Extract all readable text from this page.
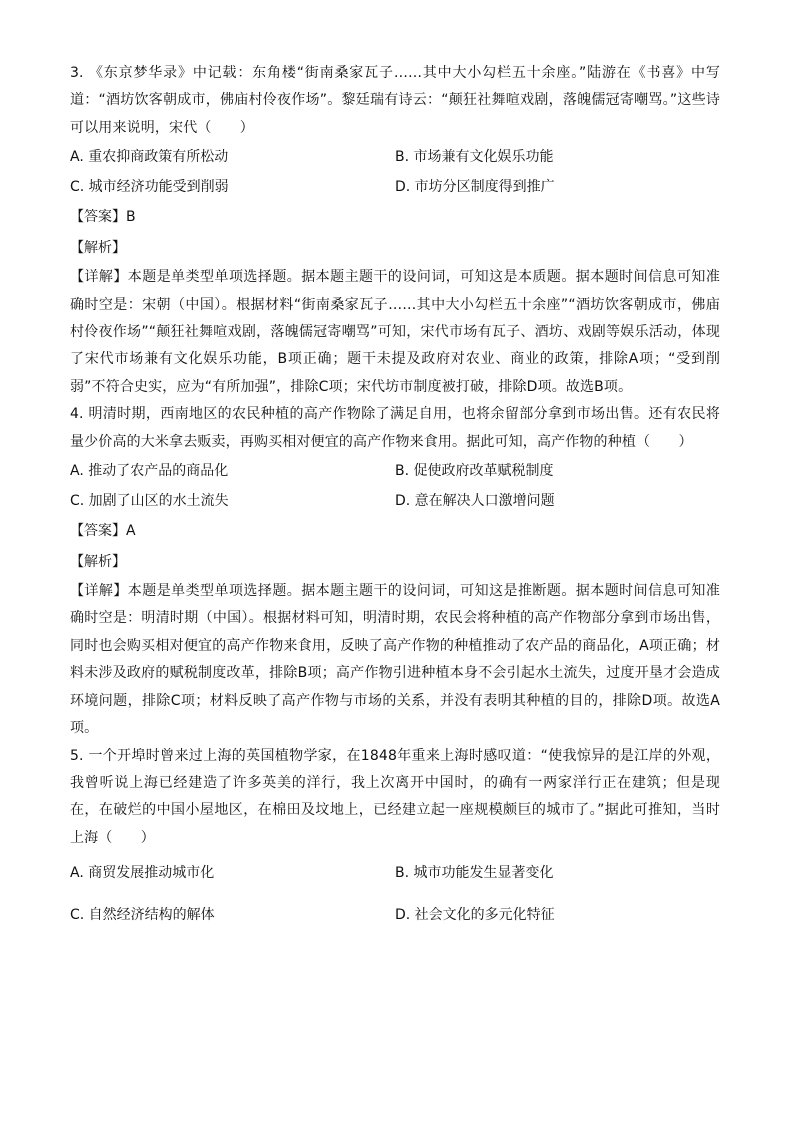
3. 《东京梦华录》中记载：东角楼“街南桑家瓦子……其中大小勾栏五十余座。”陆游在《书喜》中写道：“酒坊饮客朝成市，佛庙村伶夜作场”。黎廷瑞有诗云：“颠狂社舞喧戏剧，落魄儒冠寄嘲骂。”这些诗可以用来说明，宋代（　　）

A. 重农抑商政策有所松动	B. 市场兼有文化娱乐功能
C. 城市经济功能受到削弱	D. 市坊分区制度得到推广
【答案】B
【解析】

【详解】本题是单类型单项选择题。据本题主题干的设问词，可知这是本质题。据本题时间信息可知准确时空是：宋朝（中国）。根据材料“街南桑家瓦子……其中大小勾栏五十余座”“酒坊饮客朝成市，佛庙村伶夜作场”“颠狂社舞喧戏剧，落魄儒冠寄嘲骂”可知，宋代市场有瓦子、酒坊、戏剧等娱乐活动，体现了宋代市场兼有文化娱乐功能，B项正确；题干未提及政府对农业、商业的政策，排除A项；“受到削弱”不符合史实，应为“有所加强”，排除C项；宋代坊市制度被打破，排除D项。故选B项。

4. 明清时期，西南地区的农民种植的高产作物除了满足自用，也将余留部分拿到市场出售。还有农民将量少价高的大米拿去贩卖，再购买相对便宜的高产作物来食用。据此可知，高产作物的种植（　　）

A. 推动了农产品的商品化	B. 促使政府改革赋税制度
C. 加剧了山区的水土流失	D. 意在解决人口激增问题
【答案】A
【解析】

【详解】本题是单类型单项选择题。据本题主题干的设问词，可知这是推断题。据本题时间信息可知准确时空是：明清时期（中国）。根据材料可知，明清时期，农民会将种植的高产作物部分拿到市场出售，同时也会购买相对便宜的高产作物来食用，反映了高产作物的种植推动了农产品的商品化，A项正确；材料未涉及政府的赋税制度改革，排除B项；高产作物引进种植本身不会引起水土流失，过度开垦才会造成环境问题，排除C项；材料反映了高产作物与市场的关系，并没有表明其种植的目的，排除D项。故选A项。

5. 一个开埠时曾来过上海的英国植物学家，在1848年重来上海时感叹道：“使我惊异的是江岸的外观，我曾听说上海已经建造了许多英美的洋行，我上次离开中国时，的确有一两家洋行正在建筑；但是现在，在破烂的中国小屋地区，在棉田及坟地上，已经建立起一座规模颇巨的城市了。”据此可推知，当时上海（　　）

A. 商贸发展推动城市化	B. 城市功能发生显著变化
C. 自然经济结构的解体	D. 社会文化的多元化特征
